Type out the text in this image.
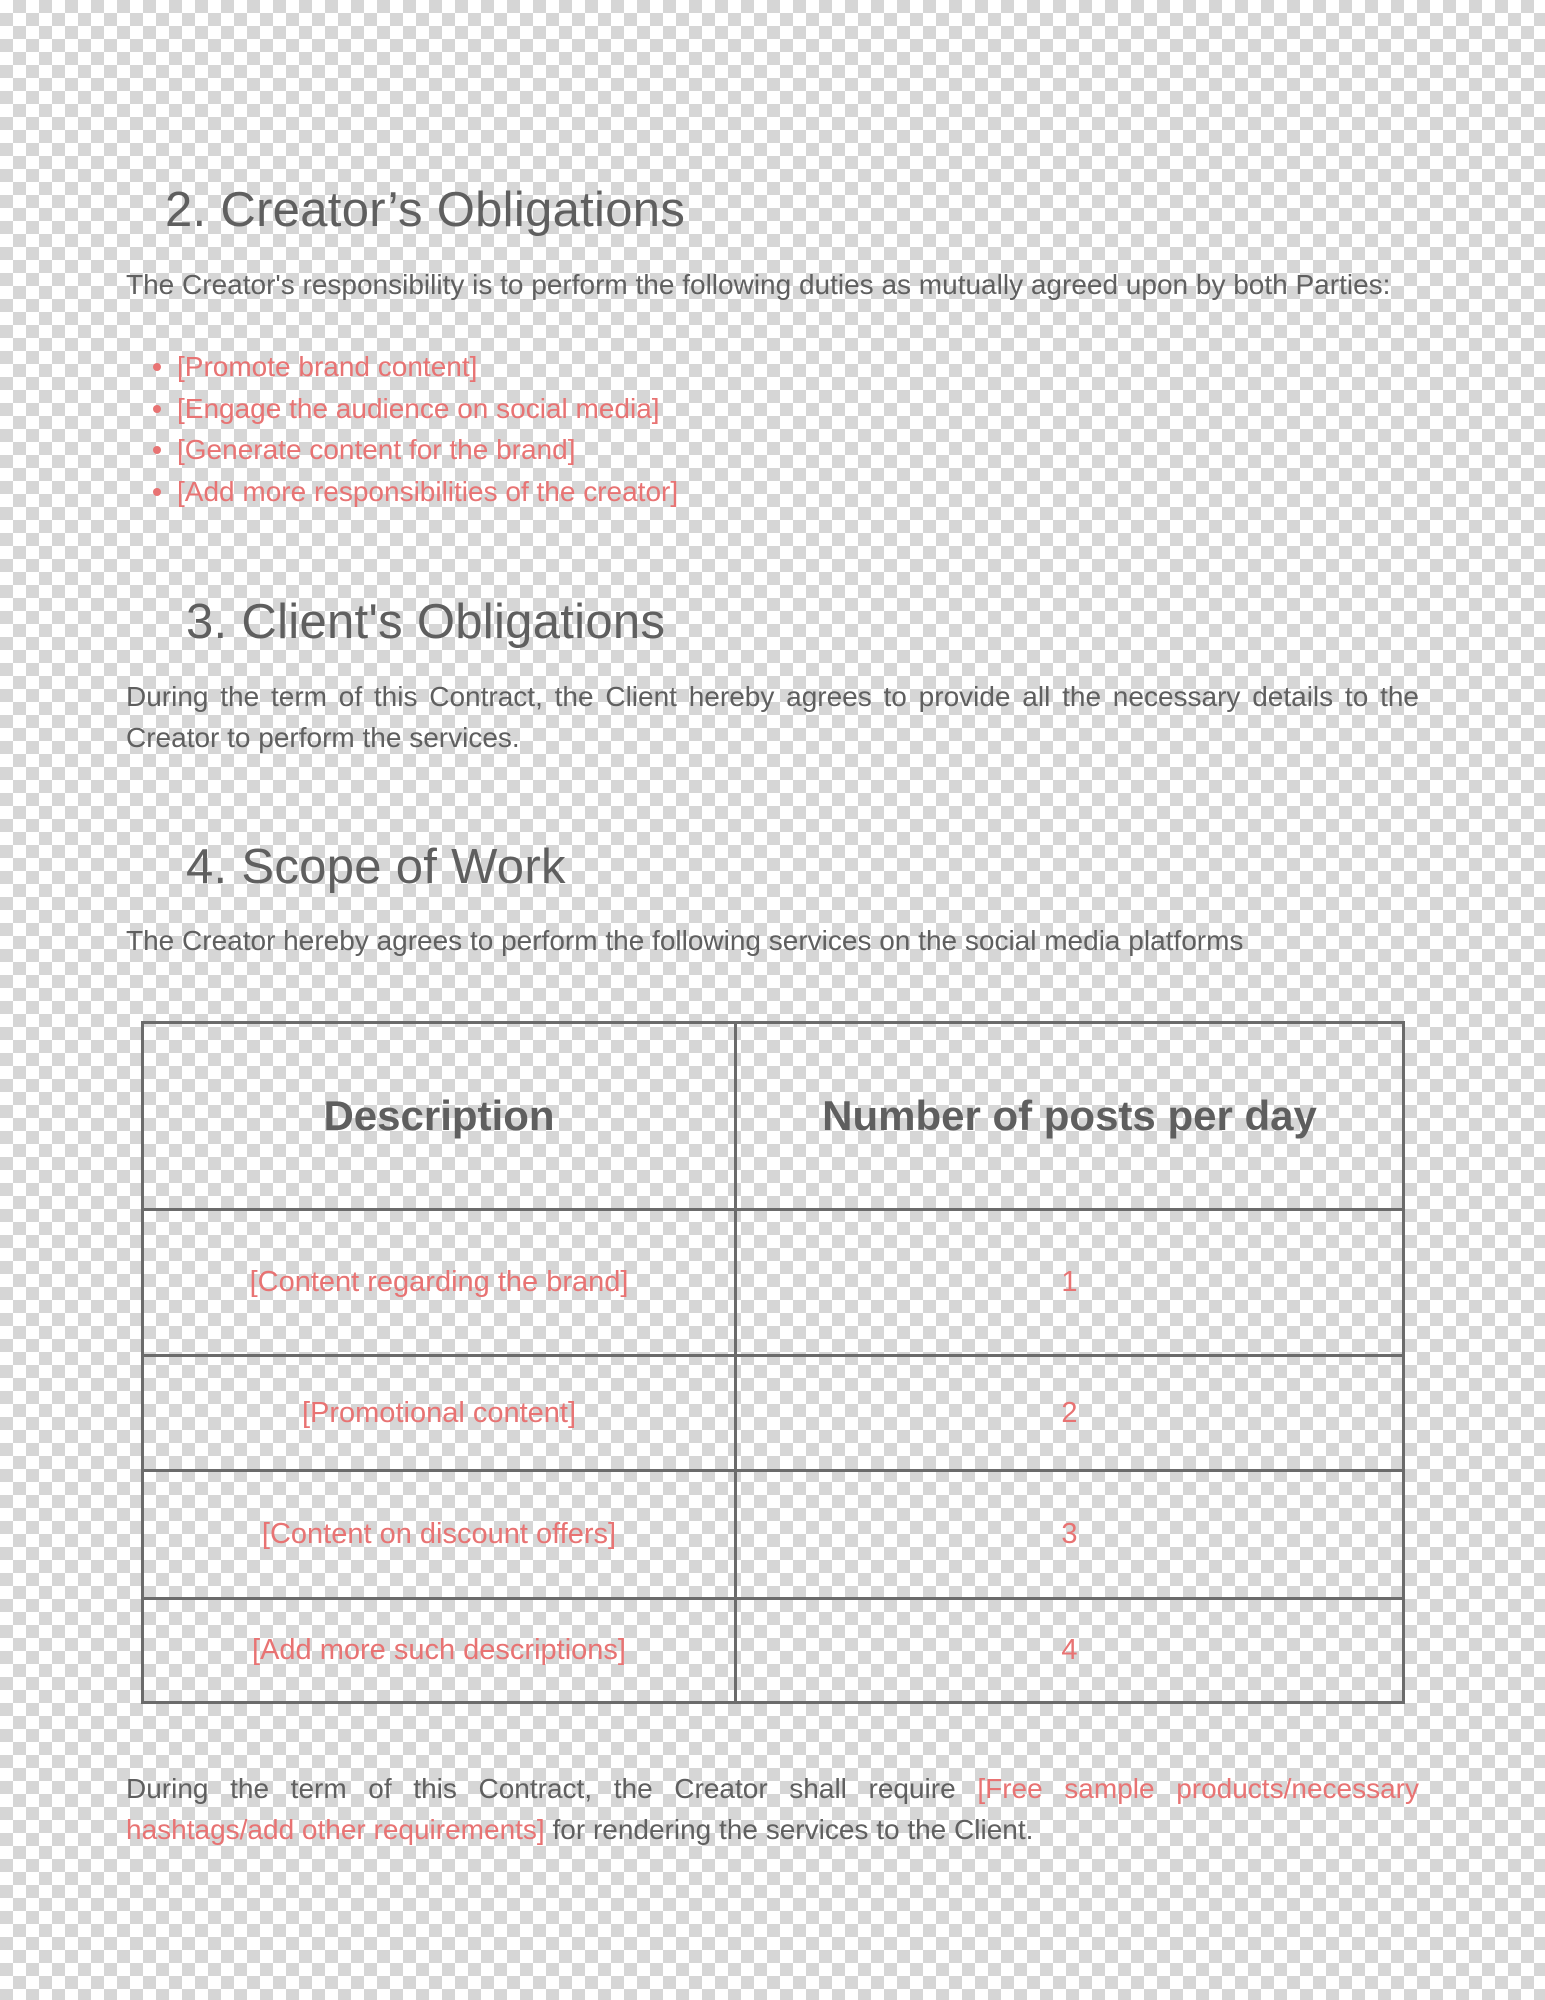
2. Creator’s Obligations

The Creator's responsibility is to perform the following duties as mutually agreed upon by both Parties:

[Promote brand content]
[Engage the audience on social media]
[Generate content for the brand]
[Add more responsibilities of the creator]
3. Client's Obligations

During the term of this Contract, the Client hereby agrees to provide all the necessary details to the Creator to perform the services.

4. Scope of Work

The Creator hereby agrees to perform the following services on the social media platforms

Description	Number of posts per day
[Content regarding the brand]	1
[Promotional content]	2
[Content on discount offers]	3
[Add more such descriptions]	4

During the term of this Contract, the Creator shall require [Free sample products/necessary hashtags/add other requirements] for rendering the services to the Client.
